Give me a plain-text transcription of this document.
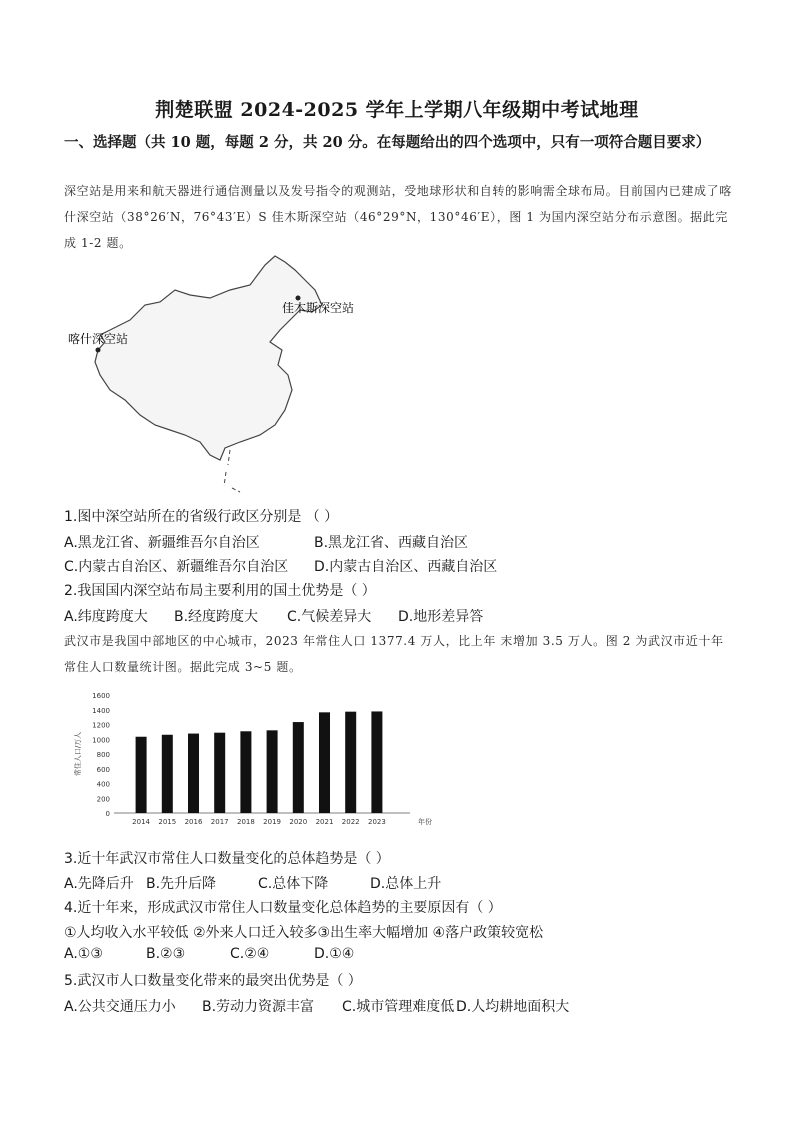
荆楚联盟 2024-2025 学年上学期八年级期中考试地理
一、选择题（共 10 题，每题 2 分，共 20 分。在每题给出的四个选项中，只有一项符合题目要求）
深空站是用来和航天器进行通信测量以及发号指令的观测站，受地球形状和自转的影响需全球布局。目前国内已建成了喀什深空站（38°26′N，76°43′E）S 佳木斯深空站（46°29°N，130°46′E），图 1 为国内深空站分布示意图。据此完成 1-2 题。
佳木斯深空站
喀什深空站
1.图中深空站所在的省级行政区分别是 （ ）
A.黑龙江省、新疆维吾尔自治区	B.黑龙江省、西藏自治区
C.内蒙古自治区、新疆维吾尔自治区 D.内蒙古自治区、西藏自治区
2.我国国内深空站布局主要利用的国土优势是（ ）
A.纬度跨度大 B.经度跨度大 C.气候差异大 D.地形差异答
武汉市是我国中部地区的中心城市，2023 年常住人口 1377.4 万人，比上年 末增加 3.5 万人。图 2 为武汉市近十年常住人口数量统计图。据此完成 3~5 题。
0
200
400
600
800
1000
1200
1400
1600
常住人口/万人
2014 2015 2016 2017 2018 2019 2020 2021 2022 2023	年份
3.近十年武汉市常住人口数量变化的总体趋势是（ ）
A.先降后升 B.先升后降	C.总体下降	D.总体上升
4.近十年来，形成武汉市常住人口数量变化总体趋势的主要原因有（ ）
①人均收入水平较低 ②外来人口迁入较多③出生率大幅增加 ④落户政策较宽松
A.①③	B.②③	C.②④	D.①④
5.武汉市人口数量变化带来的最突出优势是（ ）
A.公共交通压力小 B.劳动力资源丰富 C.城市管理难度低 D.人均耕地面积大
